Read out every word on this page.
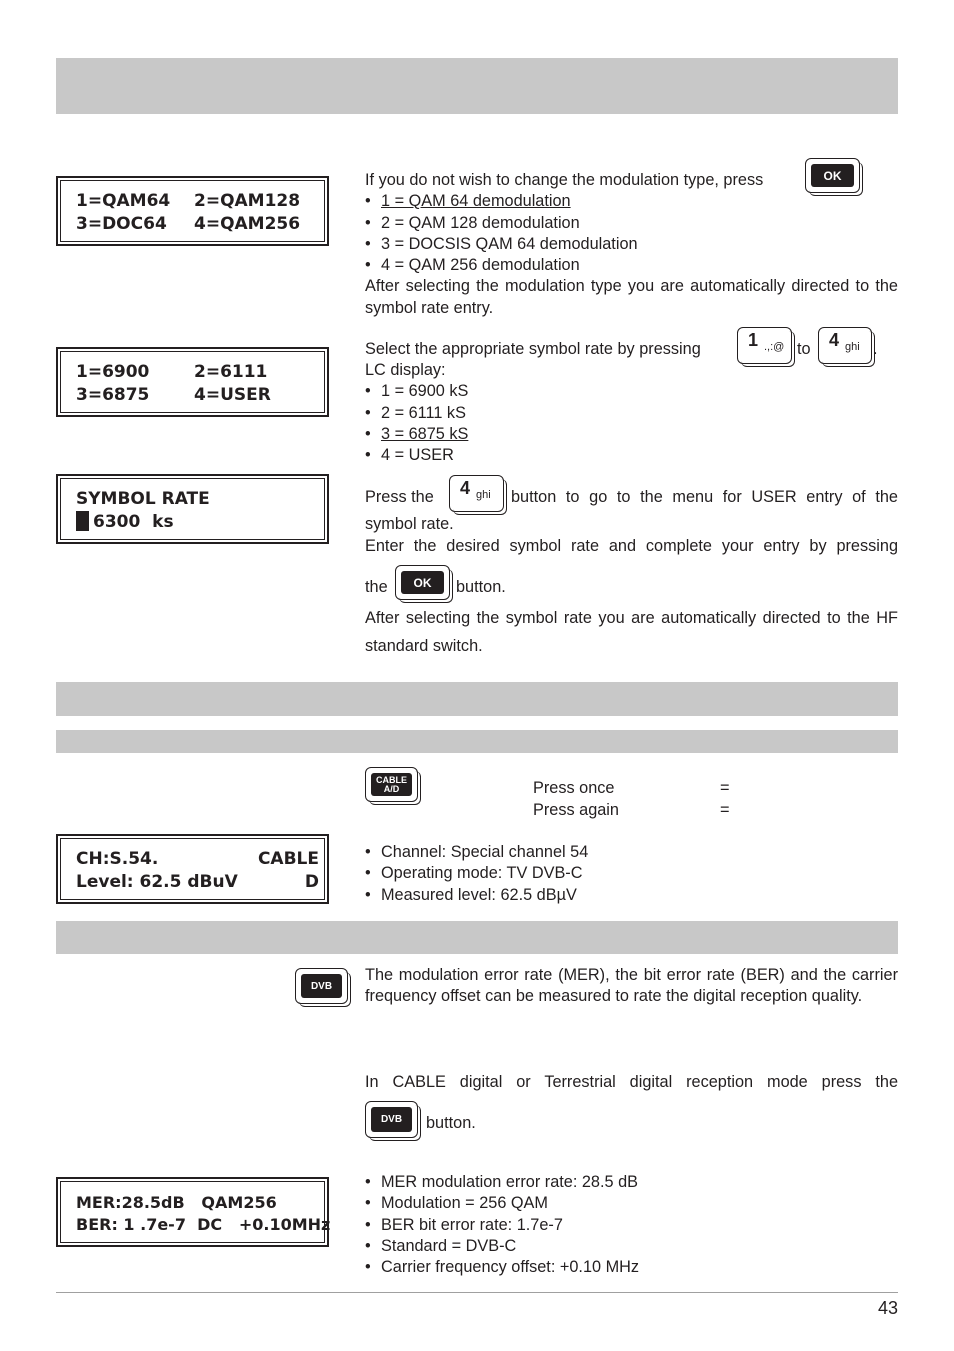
1=QAM64 2=QAM128
3=DOC64 4=QAM256
If you do not wish to change the modulation type, press
• 1 = QAM 64 demodulation
• 2 = QAM 128 demodulation
• 3 = DOCSIS QAM 64 demodulation
• 4 = QAM 256 demodulation
After selecting the modulation type you are automatically directed to the symbol rate entry.
OK
1=6900	2=6111
3=6875	4=USER
Select the appropriate symbol rate by pressing	1 .,:@ to	4 ghi .
LC display:
• 1 = 6900 kS
• 2 = 6111 kS
• 3 = 6875 kS
• 4 = USER
SYMBOL RATE
6300  ks
Press the	4 ghi button to go to the menu for USER entry of the
symbol rate.
Enter the desired symbol rate and complete your entry by pressing
the	OK	button.
After selecting the symbol rate you are automatically directed to the HF standard switch.
CABLE
A/D	Press once	=
Press again	=
CH:S.54.	CABLE
Level: 62.5 dBuV	D
• Channel: Special channel 54
• Operating mode: TV DVB-C
• Measured level: 62.5 dBµV
DVB
The modulation error rate (MER), the bit error rate (BER) and the carrier frequency offset can be measured to rate the digital reception quality.
In CABLE digital or Terrestrial digital reception mode press the
DVB	button.
MER:28.5dB   QAM256
BER: 1 .7e-7  DC   +0.10MHz
• MER modulation error rate: 28.5 dB
• Modulation = 256 QAM
• BER bit error rate: 1.7e-7
• Standard = DVB-C
• Carrier frequency offset: +0.10 MHz
43
